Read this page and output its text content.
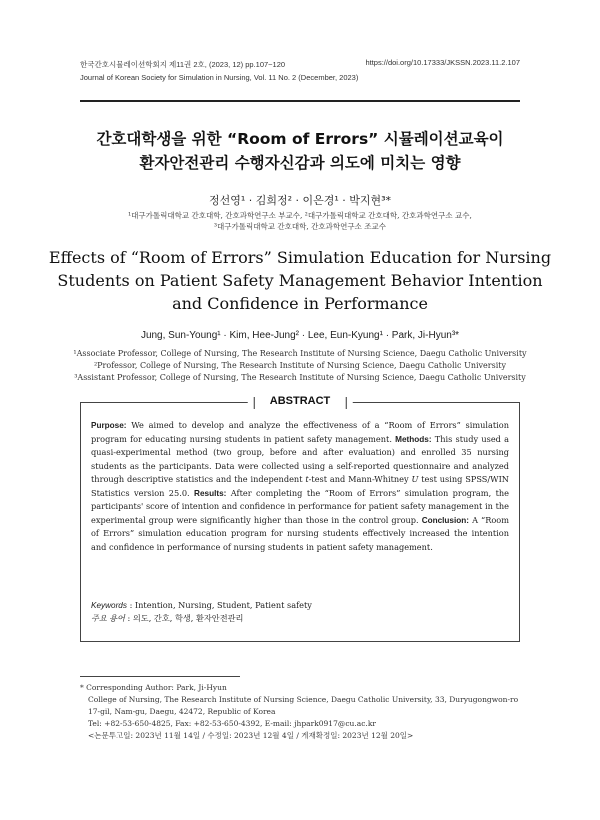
한국간호시뮬레이션학회지 제11권 2호, (2023, 12) pp.107~120
Journal of Korean Society for Simulation in Nursing, Vol. 11 No. 2 (December, 2023)
https://doi.org/10.17333/JKSSN.2023.11.2.107
간호대학생을 위한 “Room of Errors” 시뮬레이션교육이
환자안전관리 수행자신감과 의도에 미치는 영향
정선영¹ · 김희정² · 이은경¹ · 박지현³*
¹대구가톨릭대학교 간호대학, 간호과학연구소 부교수, ²대구가톨릭대학교 간호대학, 간호과학연구소 교수,
³대구가톨릭대학교 간호대학, 간호과학연구소 조교수
Effects of “Room of Errors” Simulation Education for Nursing
Students on Patient Safety Management Behavior Intention
and Confidence in Performance
Jung, Sun-Young¹ · Kim, Hee-Jung² · Lee, Eun-Kyung¹ · Park, Ji-Hyun³*
¹Associate Professor, College of Nursing, The Research Institute of Nursing Science, Daegu Catholic University
²Professor, College of Nursing, The Research Institute of Nursing Science, Daegu Catholic University
³Assistant Professor, College of Nursing, The Research Institute of Nursing Science, Daegu Catholic University
ABSTRACT
Purpose: We aimed to develop and analyze the effectiveness of a “Room of Errors” simulation program for educating nursing students in patient safety management. Methods: This study used a quasi-experimental method (two group, before and after evaluation) and enrolled 35 nursing students as the participants. Data were collected using a self-reported questionnaire and analyzed through descriptive statistics and the independent t-test and Mann-Whitney U test using SPSS/WIN Statistics version 25.0. Results: After completing the “Room of Errors” simulation program, the participants' score of intention and confidence in performance for patient safety management in the experimental group were significantly higher than those in the control group. Conclusion: A “Room of Errors” simulation education program for nursing students effectively increased the intention and confidence in performance of nursing students in patient safety management.
Keywords : Intention, Nursing, Student, Patient safety
주요 용어 : 의도, 간호, 학생, 환자안전관리
* Corresponding Author: Park, Ji-Hyun
College of Nursing, The Research Institute of Nursing Science, Daegu Catholic University, 33, Duryugongwon-ro
17-gil, Nam-gu, Daegu, 42472, Republic of Korea
Tel: +82-53-650-4825, Fax: +82-53-650-4392, E-mail: jhpark0917@cu.ac.kr
<논문투고일: 2023년 11월 14일 / 수정일: 2023년 12월 4일 / 게재확정일: 2023년 12월 20일>
